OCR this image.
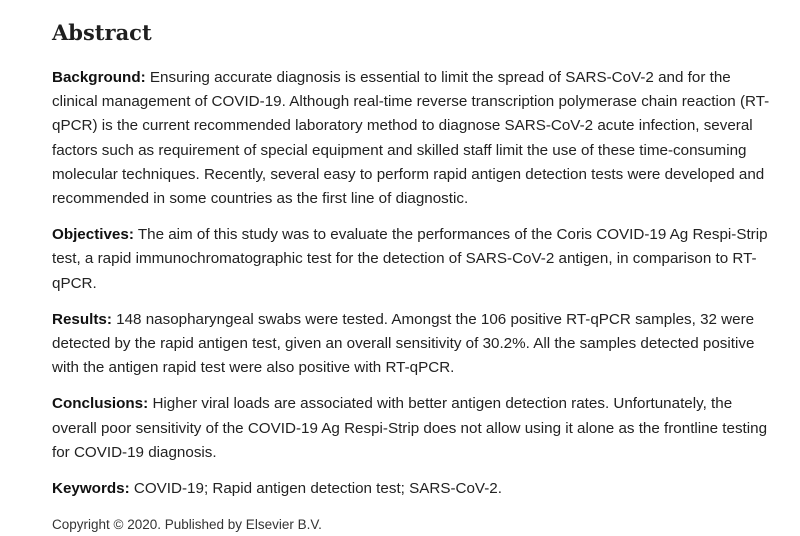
Abstract

Background: Ensuring accurate diagnosis is essential to limit the spread of SARS-CoV-2 and for the clinical management of COVID-19. Although real-time reverse transcription polymerase chain reaction (RT- qPCR) is the current recommended laboratory method to diagnose SARS-CoV-2 acute infection, several factors such as requirement of special equipment and skilled staff limit the use of these time-consuming molecular techniques. Recently, several easy to perform rapid antigen detection tests were developed and recommended in some countries as the first line of diagnostic.

Objectives: The aim of this study was to evaluate the performances of the Coris COVID-19 Ag Respi-Strip test, a rapid immunochromatographic test for the detection of SARS-CoV-2 antigen, in comparison to RT-qPCR.

Results: 148 nasopharyngeal swabs were tested. Amongst the 106 positive RT-qPCR samples, 32 were detected by the rapid antigen test, given an overall sensitivity of 30.2%. All the samples detected positive with the antigen rapid test were also positive with RT-qPCR.

Conclusions: Higher viral loads are associated with better antigen detection rates. Unfortunately, the overall poor sensitivity of the COVID-19 Ag Respi-Strip does not allow using it alone as the frontline testing for COVID-19 diagnosis.

Keywords: COVID-19; Rapid antigen detection test; SARS-CoV-2.

Copyright © 2020. Published by Elsevier B.V.
